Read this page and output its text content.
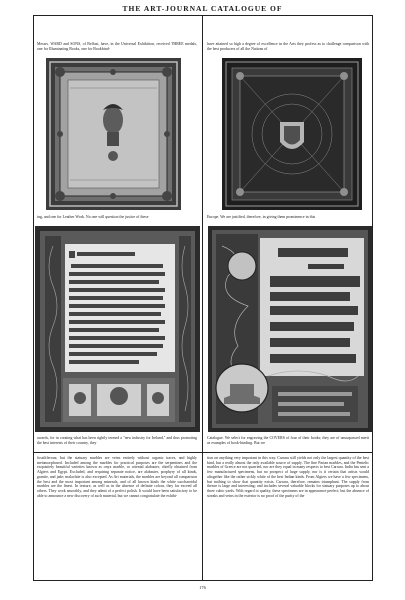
THE ART-JOURNAL CATALOGUE OF
Messrs. WARD and SONS, of Belfast, have, in the Universal Exhibition, received THREE medals, one for Illuminating Books, one for Bookbind-
have attained so high a degree of excellence in the Arts they profess as to challenge comparison with the best producers of all the Nations of
ing, and one for Leather Work. No one will question the justice of these	Europe. We are justified, therefore, in giving them prominence in this
awards, for in creating what has been rightly termed a "new industry for Ireland," and thus promoting the best interests of their country, they
Catalogue. We select for engraving the COVERS of four of their books; they are of unsurpassed merit as examples of book-binding. But we
fossiliferous; but the statuary marbles are veins entirely without organic traces, and highly metamorphosed. Included among the marbles for practical purposes are the serpentines and the exquisitely beautiful varieties known as onyx marble, or oriental alabaster, chiefly obtained from Algiers and Egypt. Excluded, and requiring separate notice, are alabaster, porphyry of all kinds, granite, and jade; malachite is also excepted. As Art materials, the marbles are beyond all comparison the best and the most important among minerals, and of all known kinds the white saccharoidal marbles are the finest. In texture, as well as in the absence of definite colour, they far exceed all others. They work smoothly, and they admit of a perfect polish. It would have been satisfactory to be able to announce a new discovery of such material, but we cannot congratulate the exhibi-
tion on anything very important in this way. Carrara still yields not only the largest quantity of the best kind, but a really almost the only available source of supply. The fine Parian marbles, and the Pentelic marbles of Greece are not quarried, nor are they equal in many respects to best Carrara. India has sent a few manufactured specimens, but no prospect of large supply, nor is it certain that artists would altogether like the rather sickly white of the best Indian kinds. From Algiers we have a few specimens, but nothing to show that quantity exists. Carrara, therefore, remains triumphant. The supply from thence is large and interesting; and includes several valuable blocks for statuary purposes up to about three cubic yards. With regard to quality, these specimens are in appearance perfect; but the absence of streaks and veins in the exterior is no proof of the purity of the
176
